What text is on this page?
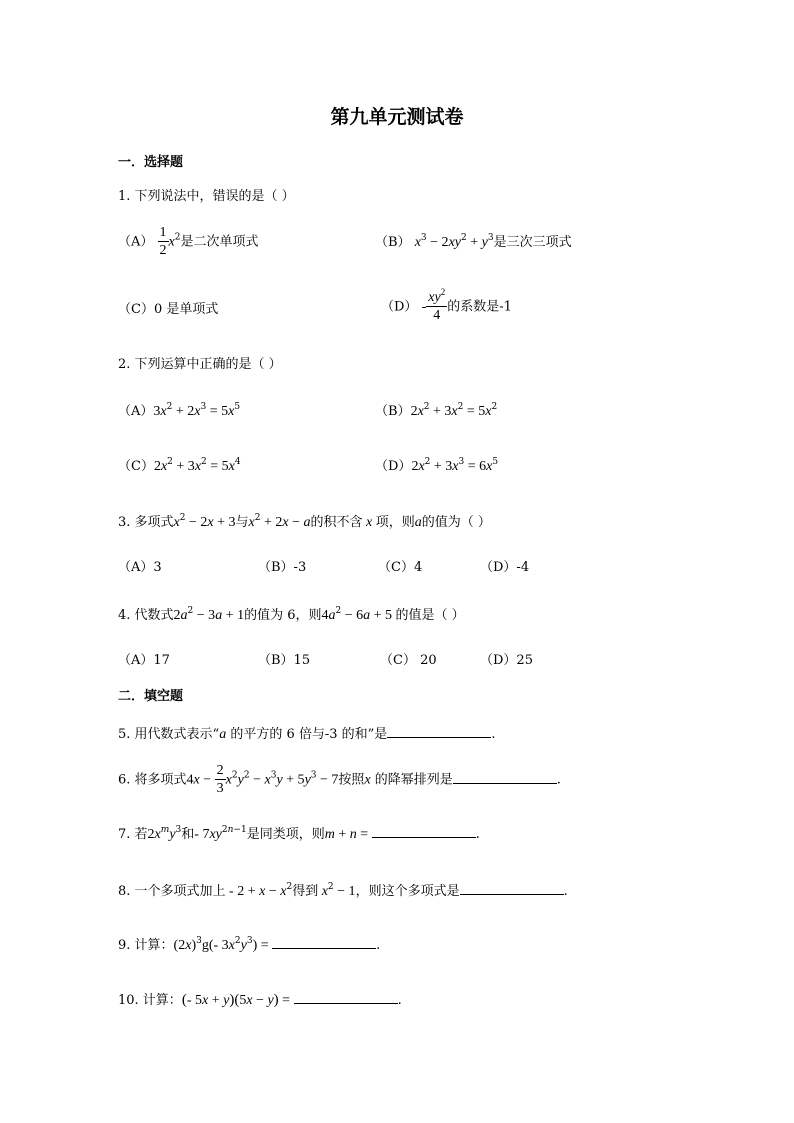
第九单元测试卷
一．选择题
1. 下列说法中，错误的是（ ）
$(A) \frac{1}{2} x^2$是二次单项式	（B） $x^3 - 2xy^2 + y^3$是三次三项式
（C）0 是单项式	$(D) - \frac{xy^2}{4}$ 的系数是-1
2. 下列运算中正确的是（ ）
$(A)3x^2 + 2x^3 = 5x^5$	$(B)2x^2 + 3x^2 = 5x^2$
$(C)2x^2 + 3x^2 = 5x^4$	$(D)2x^2 + 3x^3 = 6x^5$
3. 多项式$x^2 - 2x + 3$与$x^2 + 2x - a$的积不含 x 项，则a的值为（ ）
（A）3	（B）-3	（C）4	（D）-4
4. 代数式$2a^2 - 3a + 1$的值为 6，则$4a^2 - 6a + 5$ 的值是（ ）
（A）17	（B）15	（C） 20	（D）25
二．填空题
5. 用代数式表示“a 的平方的 6 倍与-3 的和”是	.
6. 将多项式$4x - \frac{2}{3} x^2y^2 - x^3y + 5y^3 - 7$按照x 的降幂排列是	.
7. 若$2x^my^3$和- $7xy^{2n-1}$是同类项，则m + n =	.
8. 一个多项式加上 - $2 + x - x^2$得到 $x^2 - 1$，则这个多项式是	.
9. 计算：$(2x)^3g(-$ $3x^2y^3$) =	.
10. 计算：(- 5x + y)(5x − y) =	.
